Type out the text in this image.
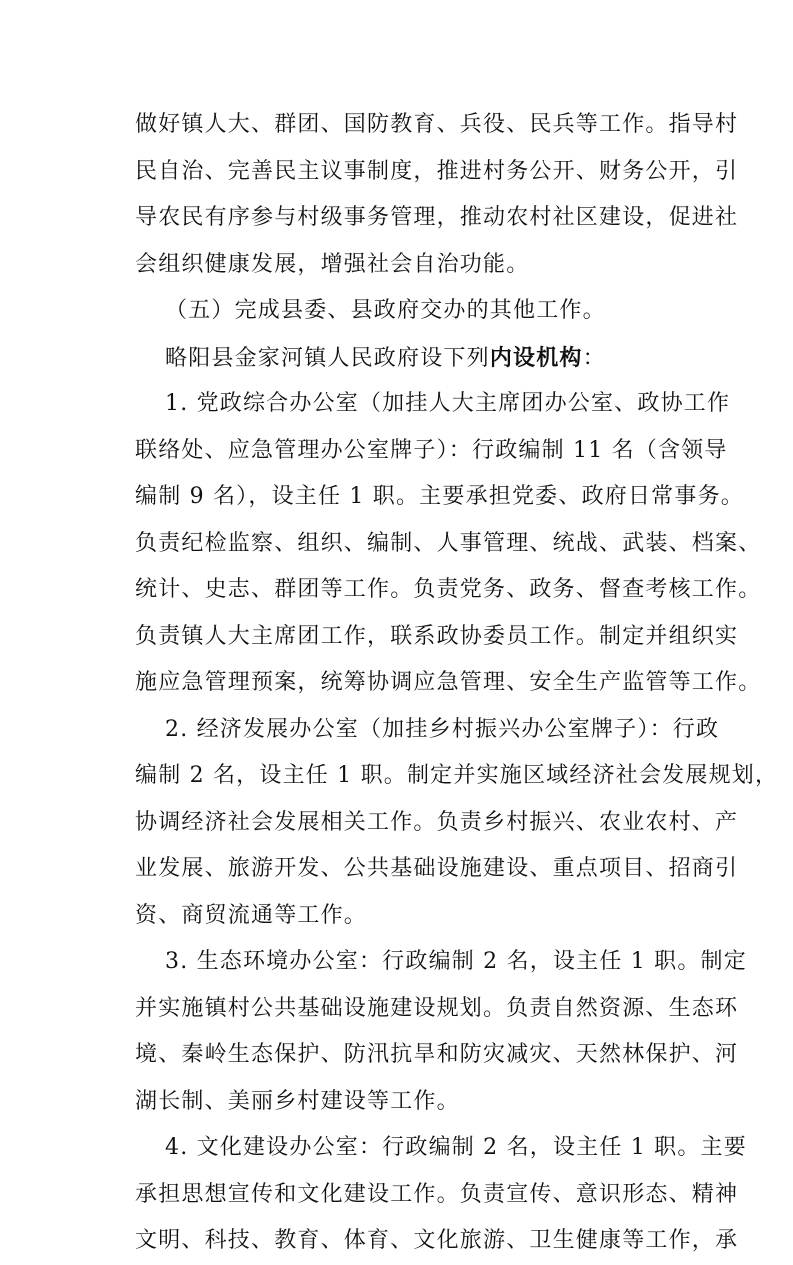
做好镇人大、群团、国防教育、兵役、民兵等工作。指导村
民自治、完善民主议事制度，推进村务公开、财务公开，引
导农民有序参与村级事务管理，推动农村社区建设，促进社
会组织健康发展，增强社会自治功能。
（五）完成县委、县政府交办的其他工作。
略阳县金家河镇人民政府设下列内设机构：
1. 党政综合办公室（加挂人大主席团办公室、政协工作
联络处、应急管理办公室牌子）：行政编制 11 名（含领导
编制 9 名），设主任 1 职。主要承担党委、政府日常事务。
负责纪检监察、组织、编制、人事管理、统战、武装、档案、
统计、史志、群团等工作。负责党务、政务、督查考核工作。
负责镇人大主席团工作，联系政协委员工作。制定并组织实
施应急管理预案，统筹协调应急管理、安全生产监管等工作。
2. 经济发展办公室（加挂乡村振兴办公室牌子）：行政
编制 2 名，设主任 1 职。制定并实施区域经济社会发展规划，
协调经济社会发展相关工作。负责乡村振兴、农业农村、产
业发展、旅游开发、公共基础设施建设、重点项目、招商引
资、商贸流通等工作。
3. 生态环境办公室：行政编制 2 名，设主任 1 职。制定
并实施镇村公共基础设施建设规划。负责自然资源、生态环
境、秦岭生态保护、防汛抗旱和防灾减灾、天然林保护、河
湖长制、美丽乡村建设等工作。
4. 文化建设办公室：行政编制 2 名，设主任 1 职。主要
承担思想宣传和文化建设工作。负责宣传、意识形态、精神
文明、科技、教育、体育、文化旅游、卫生健康等工作，承
